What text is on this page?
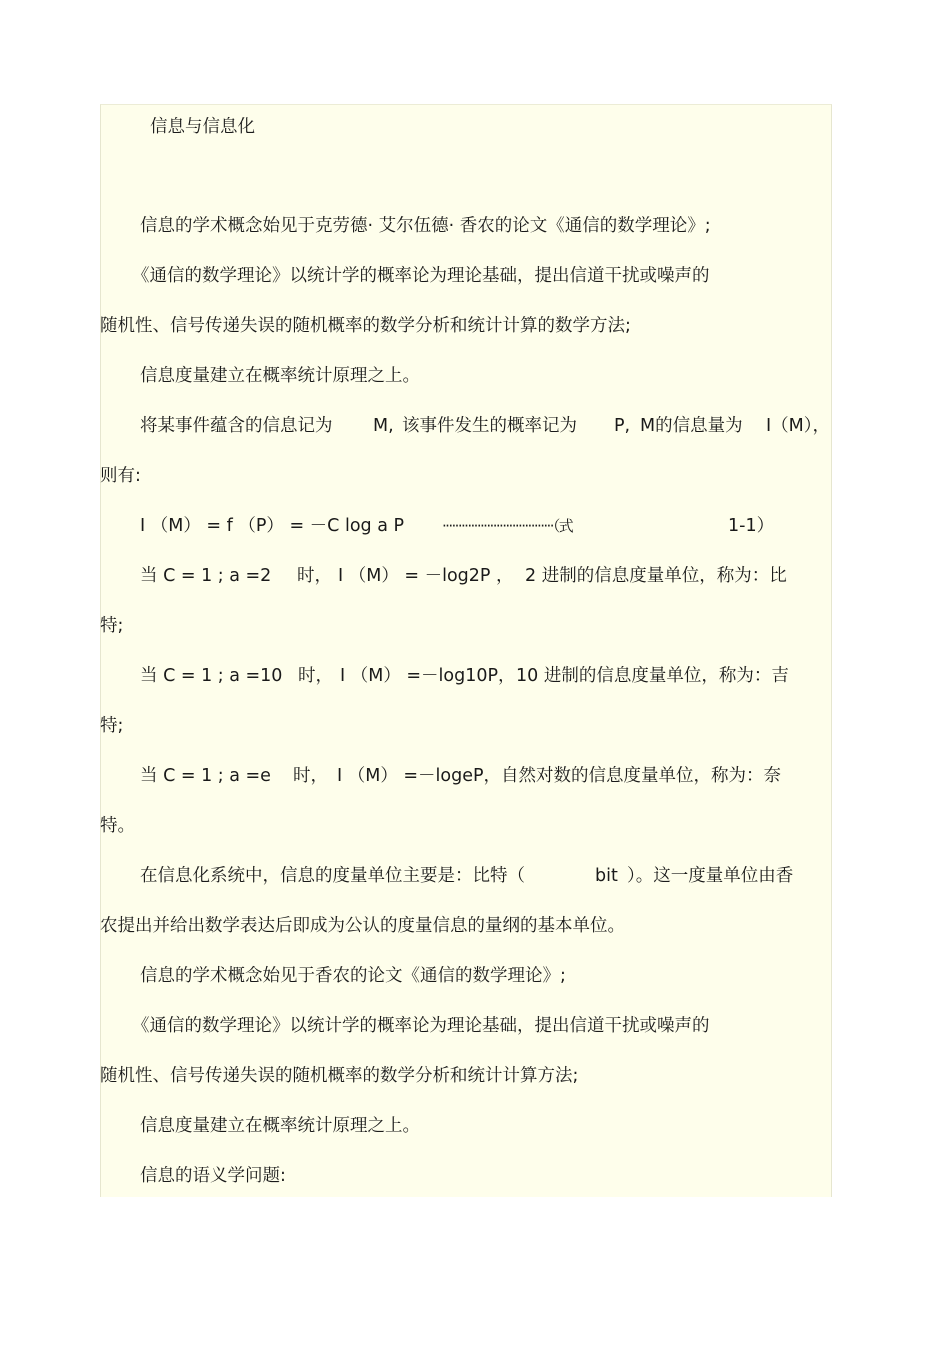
信息与信息化
信息的学术概念始见于克劳德· 艾尔伍德· 香农的论文《通信的数学理论》;
《通信的数学理论》以统计学的概率论为理论基础，提出信道干扰或噪声的
随机性、信号传递失误的随机概率的数学分析和统计计算的数学方法;
信息度量建立在概率统计原理之上。
将某事件蕴含的信息记为 M, 该事件发生的概率记为 P, M的信息量为 I（M），
则有:
I （M） = f （P） = －C log a P	···································（式	1-1）
当 C = 1 ; a =2 时， I （M） = －log2P ， 2 进制的信息度量单位，称为：比
特;
当 C = 1 ; a =10 时， I （M） =－log10P， 10 进制的信息度量单位，称为：吉
特;
当 C = 1 ; a =e 时， I （M） =－logeP，自然对数的信息度量单位，称为：奈
特。
在信息化系统中，信息的度量单位主要是：比特（	bit ）。这一度量单位由香
农提出并给出数学表达后即成为公认的度量信息的量纲的基本单位。
信息的学术概念始见于香农的论文《通信的数学理论》;
《通信的数学理论》以统计学的概率论为理论基础，提出信道干扰或噪声的
随机性、信号传递失误的随机概率的数学分析和统计计算方法;
信息度量建立在概率统计原理之上。
信息的语义学问题:
